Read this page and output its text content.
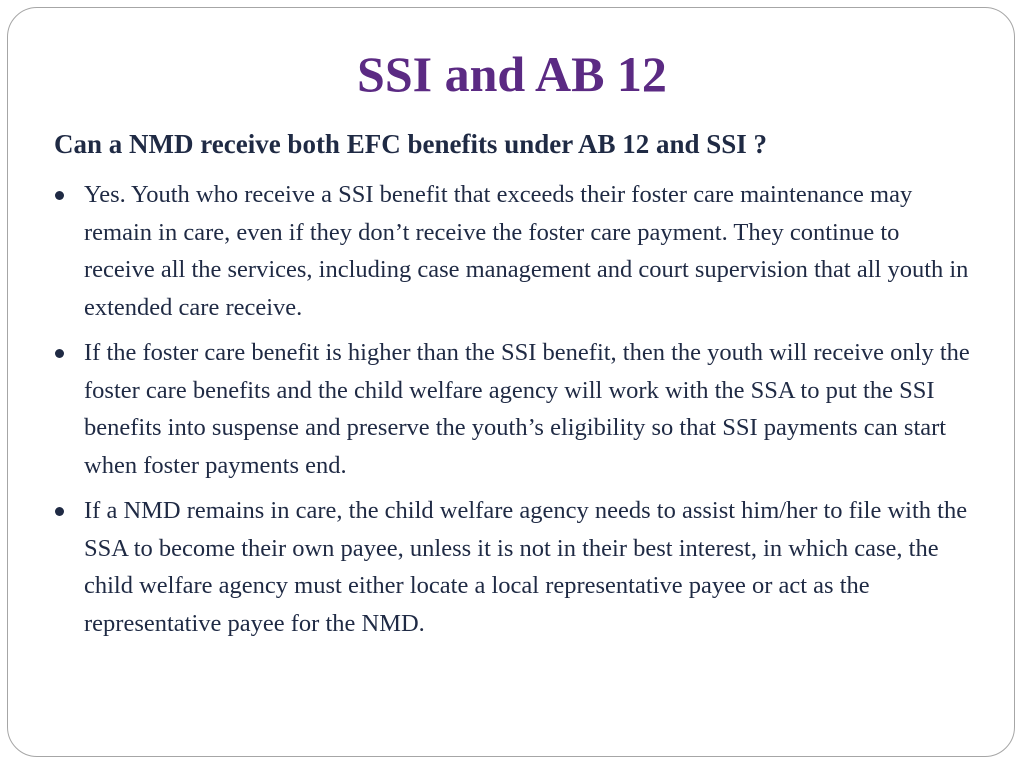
SSI and AB 12

Can a NMD receive both EFC benefits under AB 12 and SSI ?

Yes. Youth who receive a SSI benefit that exceeds their foster care maintenance may remain in care, even if they don’t receive the foster care payment. They continue to receive all the services, including case management and court supervision that all youth in extended care receive.
If the foster care benefit is higher than the SSI benefit, then the youth will receive only the foster care benefits and the child welfare agency will work with the SSA to put the SSI benefits into suspense and preserve the youth’s eligibility so that SSI payments can start when foster payments end.
If a NMD remains in care, the child welfare agency needs to assist him/her to file with the SSA to become their own payee, unless it is not in their best interest, in which case, the child welfare agency must either locate a local representative payee or act as the representative payee for the NMD.
